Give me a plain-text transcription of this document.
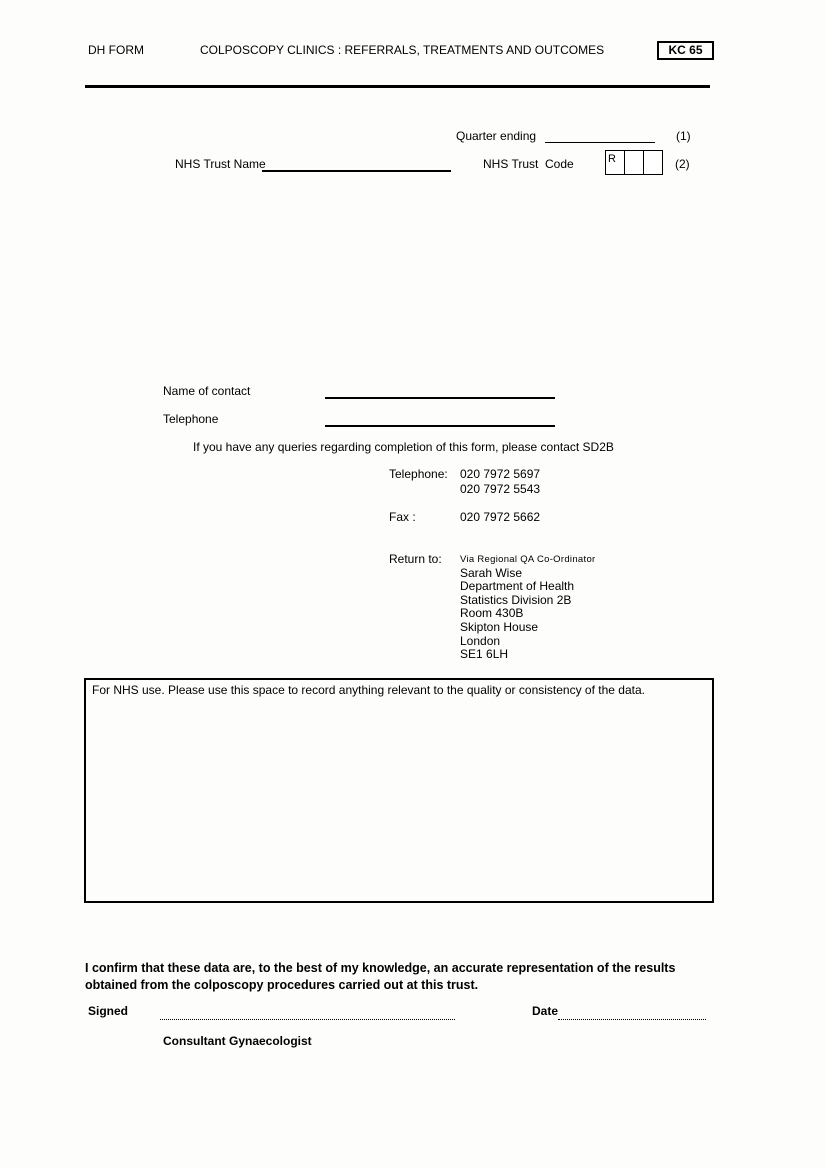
DH FORM	COLPOSCOPY CLINICS : REFERRALS, TREATMENTS AND OUTCOMES	KC 65
Quarter ending	(1)
NHS Trust Name	NHS Trust  Code	R	(2)
Name of contact
Telephone
If you have any queries regarding completion of this form, please contact SD2B
Telephone: 020 7972 5697
020 7972 5543
Fax :	020 7972 5662
Return to: Via Regional QA Co-Ordinator
Sarah Wise
Department of Health
Statistics Division 2B
Room 430B
Skipton House
London
SE1 6LH
For NHS use. Please use this space to record anything relevant to the quality or consistency of the data.
I confirm that these data are, to the best of my knowledge, an accurate representation of the results
obtained from the colposcopy procedures carried out at this trust.
Signed	Date
Consultant Gynaecologist
